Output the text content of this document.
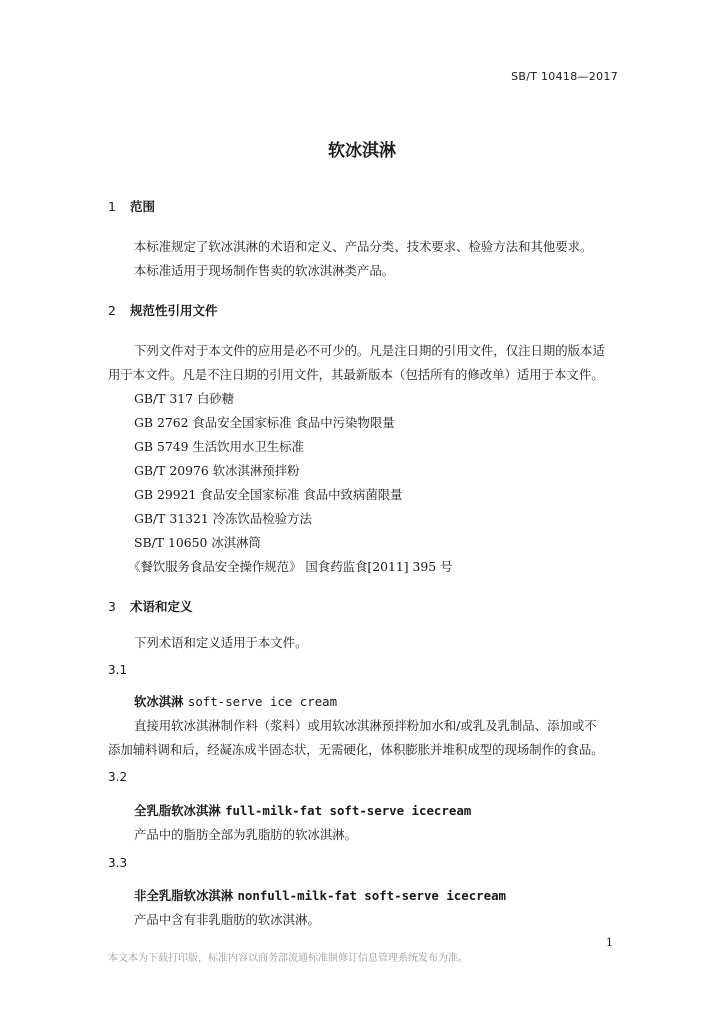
SB/T 10418—2017
软冰淇淋
1 范围
本标准规定了软冰淇淋的术语和定义、产品分类、技术要求、检验方法和其他要求。
本标准适用于现场制作售卖的软冰淇淋类产品。
2 规范性引用文件
下列文件对于本文件的应用是必不可少的。凡是注日期的引用文件，仅注日期的版本适
用于本文件。凡是不注日期的引用文件，其最新版本（包括所有的修改单）适用于本文件。
GB/T 317 白砂糖
GB 2762 食品安全国家标准 食品中污染物限量
GB 5749 生活饮用水卫生标准
GB/T 20976 软冰淇淋预拌粉
GB 29921 食品安全国家标准 食品中致病菌限量
GB/T 31321 冷冻饮品检验方法
SB/T 10650 冰淇淋筒
《餐饮服务食品安全操作规范》 国食药监食[2011] 395 号
3 术语和定义
下列术语和定义适用于本文件。
3.1
软冰淇淋 soft-serve ice cream
直接用软冰淇淋制作料（浆料）或用软冰淇淋预拌粉加水和/或乳及乳制品、添加或不
添加辅料调和后，经凝冻成半固态状，无需硬化，体积膨胀并堆积成型的现场制作的食品。
3.2
全乳脂软冰淇淋 full-milk-fat soft-serve icecream
产品中的脂肪全部为乳脂肪的软冰淇淋。
3.3
非全乳脂软冰淇淋 nonfull-milk-fat soft-serve icecream
产品中含有非乳脂肪的软冰淇淋。
1
本文本为下载打印版，标准内容以商务部流通标准制修订信息管理系统发布为准。
